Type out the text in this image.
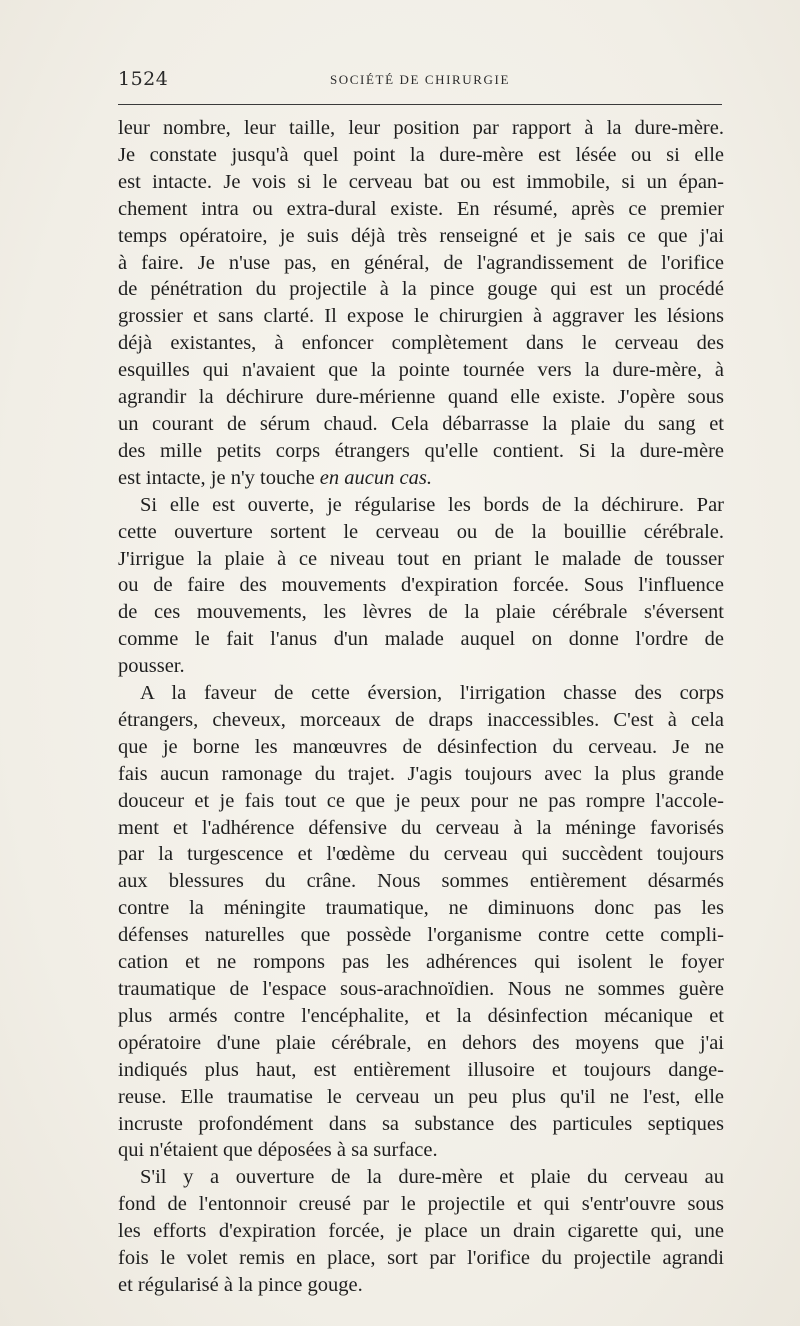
1524	SOCIÉTÉ DE CHIRURGIE

leur nombre, leur taille, leur position par rapport à la dure-mère.
Je constate jusqu'à quel point la dure-mère est lésée ou si elle
est intacte. Je vois si le cerveau bat ou est immobile, si un épan-
chement intra ou extra-dural existe. En résumé, après ce premier
temps opératoire, je suis déjà très renseigné et je sais ce que j'ai
à faire. Je n'use pas, en général, de l'agrandissement de l'orifice
de pénétration du projectile à la pince gouge qui est un procédé
grossier et sans clarté. Il expose le chirurgien à aggraver les lésions
déjà existantes, à enfoncer complètement dans le cerveau des
esquilles qui n'avaient que la pointe tournée vers la dure-mère, à
agrandir la déchirure dure-mérienne quand elle existe. J'opère sous
un courant de sérum chaud. Cela débarrasse la plaie du sang et
des mille petits corps étrangers qu'elle contient. Si la dure-mère
est intacte, je n'y touche en aucun cas.

Si elle est ouverte, je régularise les bords de la déchirure. Par
cette ouverture sortent le cerveau ou de la bouillie cérébrale.
J'irrigue la plaie à ce niveau tout en priant le malade de tousser
ou de faire des mouvements d'expiration forcée. Sous l'influence
de ces mouvements, les lèvres de la plaie cérébrale s'éversent
comme le fait l'anus d'un malade auquel on donne l'ordre de
pousser.

A la faveur de cette éversion, l'irrigation chasse des corps
étrangers, cheveux, morceaux de draps inaccessibles. C'est à cela
que je borne les manœuvres de désinfection du cerveau. Je ne
fais aucun ramonage du trajet. J'agis toujours avec la plus grande
douceur et je fais tout ce que je peux pour ne pas rompre l'accole-
ment et l'adhérence défensive du cerveau à la méninge favorisés
par la turgescence et l'œdème du cerveau qui succèdent toujours
aux blessures du crâne. Nous sommes entièrement désarmés
contre la méningite traumatique, ne diminuons donc pas les
défenses naturelles que possède l'organisme contre cette compli-
cation et ne rompons pas les adhérences qui isolent le foyer
traumatique de l'espace sous-arachnoïdien. Nous ne sommes guère
plus armés contre l'encéphalite, et la désinfection mécanique et
opératoire d'une plaie cérébrale, en dehors des moyens que j'ai
indiqués plus haut, est entièrement illusoire et toujours dange-
reuse. Elle traumatise le cerveau un peu plus qu'il ne l'est, elle
incruste profondément dans sa substance des particules septiques
qui n'étaient que déposées à sa surface.

S'il y a ouverture de la dure-mère et plaie du cerveau au
fond de l'entonnoir creusé par le projectile et qui s'entr'ouvre sous
les efforts d'expiration forcée, je place un drain cigarette qui, une
fois le volet remis en place, sort par l'orifice du projectile agrandi
et régularisé à la pince gouge.
